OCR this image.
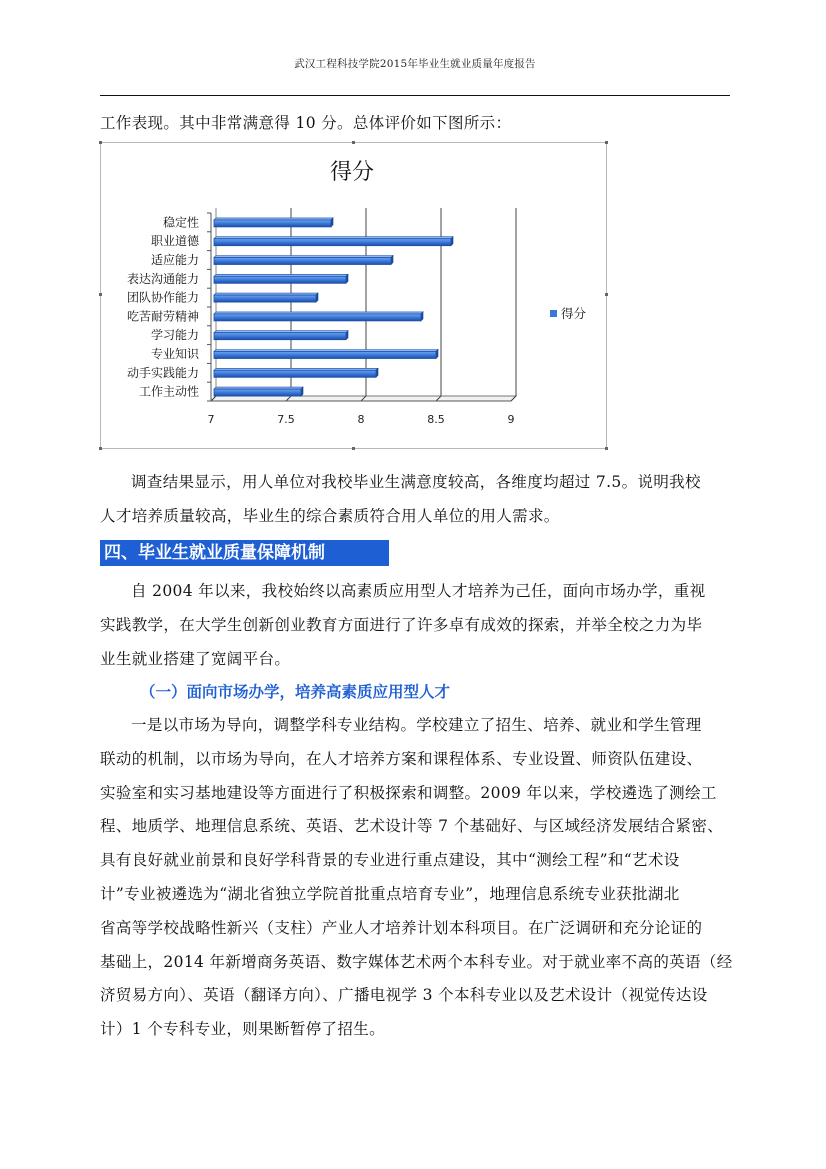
武汉工程科技学院2015年毕业生就业质量年度报告

工作表现。其中非常满意得 10 分。总体评价如下图所示：

得分
7	7.5	8	8.5	9
稳定性
职业道德
适应能力
表达沟通能力
团队协作能力
吃苦耐劳精神
学习能力
专业知识
动手实践能力
工作主动性
得分
调查结果显示，用人单位对我校毕业生满意度较高，各维度均超过 7.5。说明我校
人才培养质量较高，毕业生的综合素质符合用人单位的用人需求。
四、毕业生就业质量保障机制
自 2004 年以来，我校始终以高素质应用型人才培养为己任，面向市场办学，重视
实践教学，在大学生创新创业教育方面进行了许多卓有成效的探索，并举全校之力为毕
业生就业搭建了宽阔平台。
（一）面向市场办学，培养高素质应用型人才
一是以市场为导向，调整学科专业结构。学校建立了招生、培养、就业和学生管理
联动的机制，以市场为导向，在人才培养方案和课程体系、专业设置、师资队伍建设、
实验室和实习基地建设等方面进行了积极探索和调整。2009 年以来，学校遴选了测绘工
程、地质学、地理信息系统、英语、艺术设计等 7 个基础好、与区域经济发展结合紧密、
具有良好就业前景和良好学科背景的专业进行重点建设，其中“测绘工程”和“艺术设
计”专业被遴选为“湖北省独立学院首批重点培育专业”，地理信息系统专业获批湖北
省高等学校战略性新兴（支柱）产业人才培养计划本科项目。在广泛调研和充分论证的
基础上，2014 年新增商务英语、数字媒体艺术两个本科专业。对于就业率不高的英语（经
济贸易方向）、英语（翻译方向）、广播电视学 3 个本科专业以及艺术设计（视觉传达设
计）1 个专科专业，则果断暂停了招生。
